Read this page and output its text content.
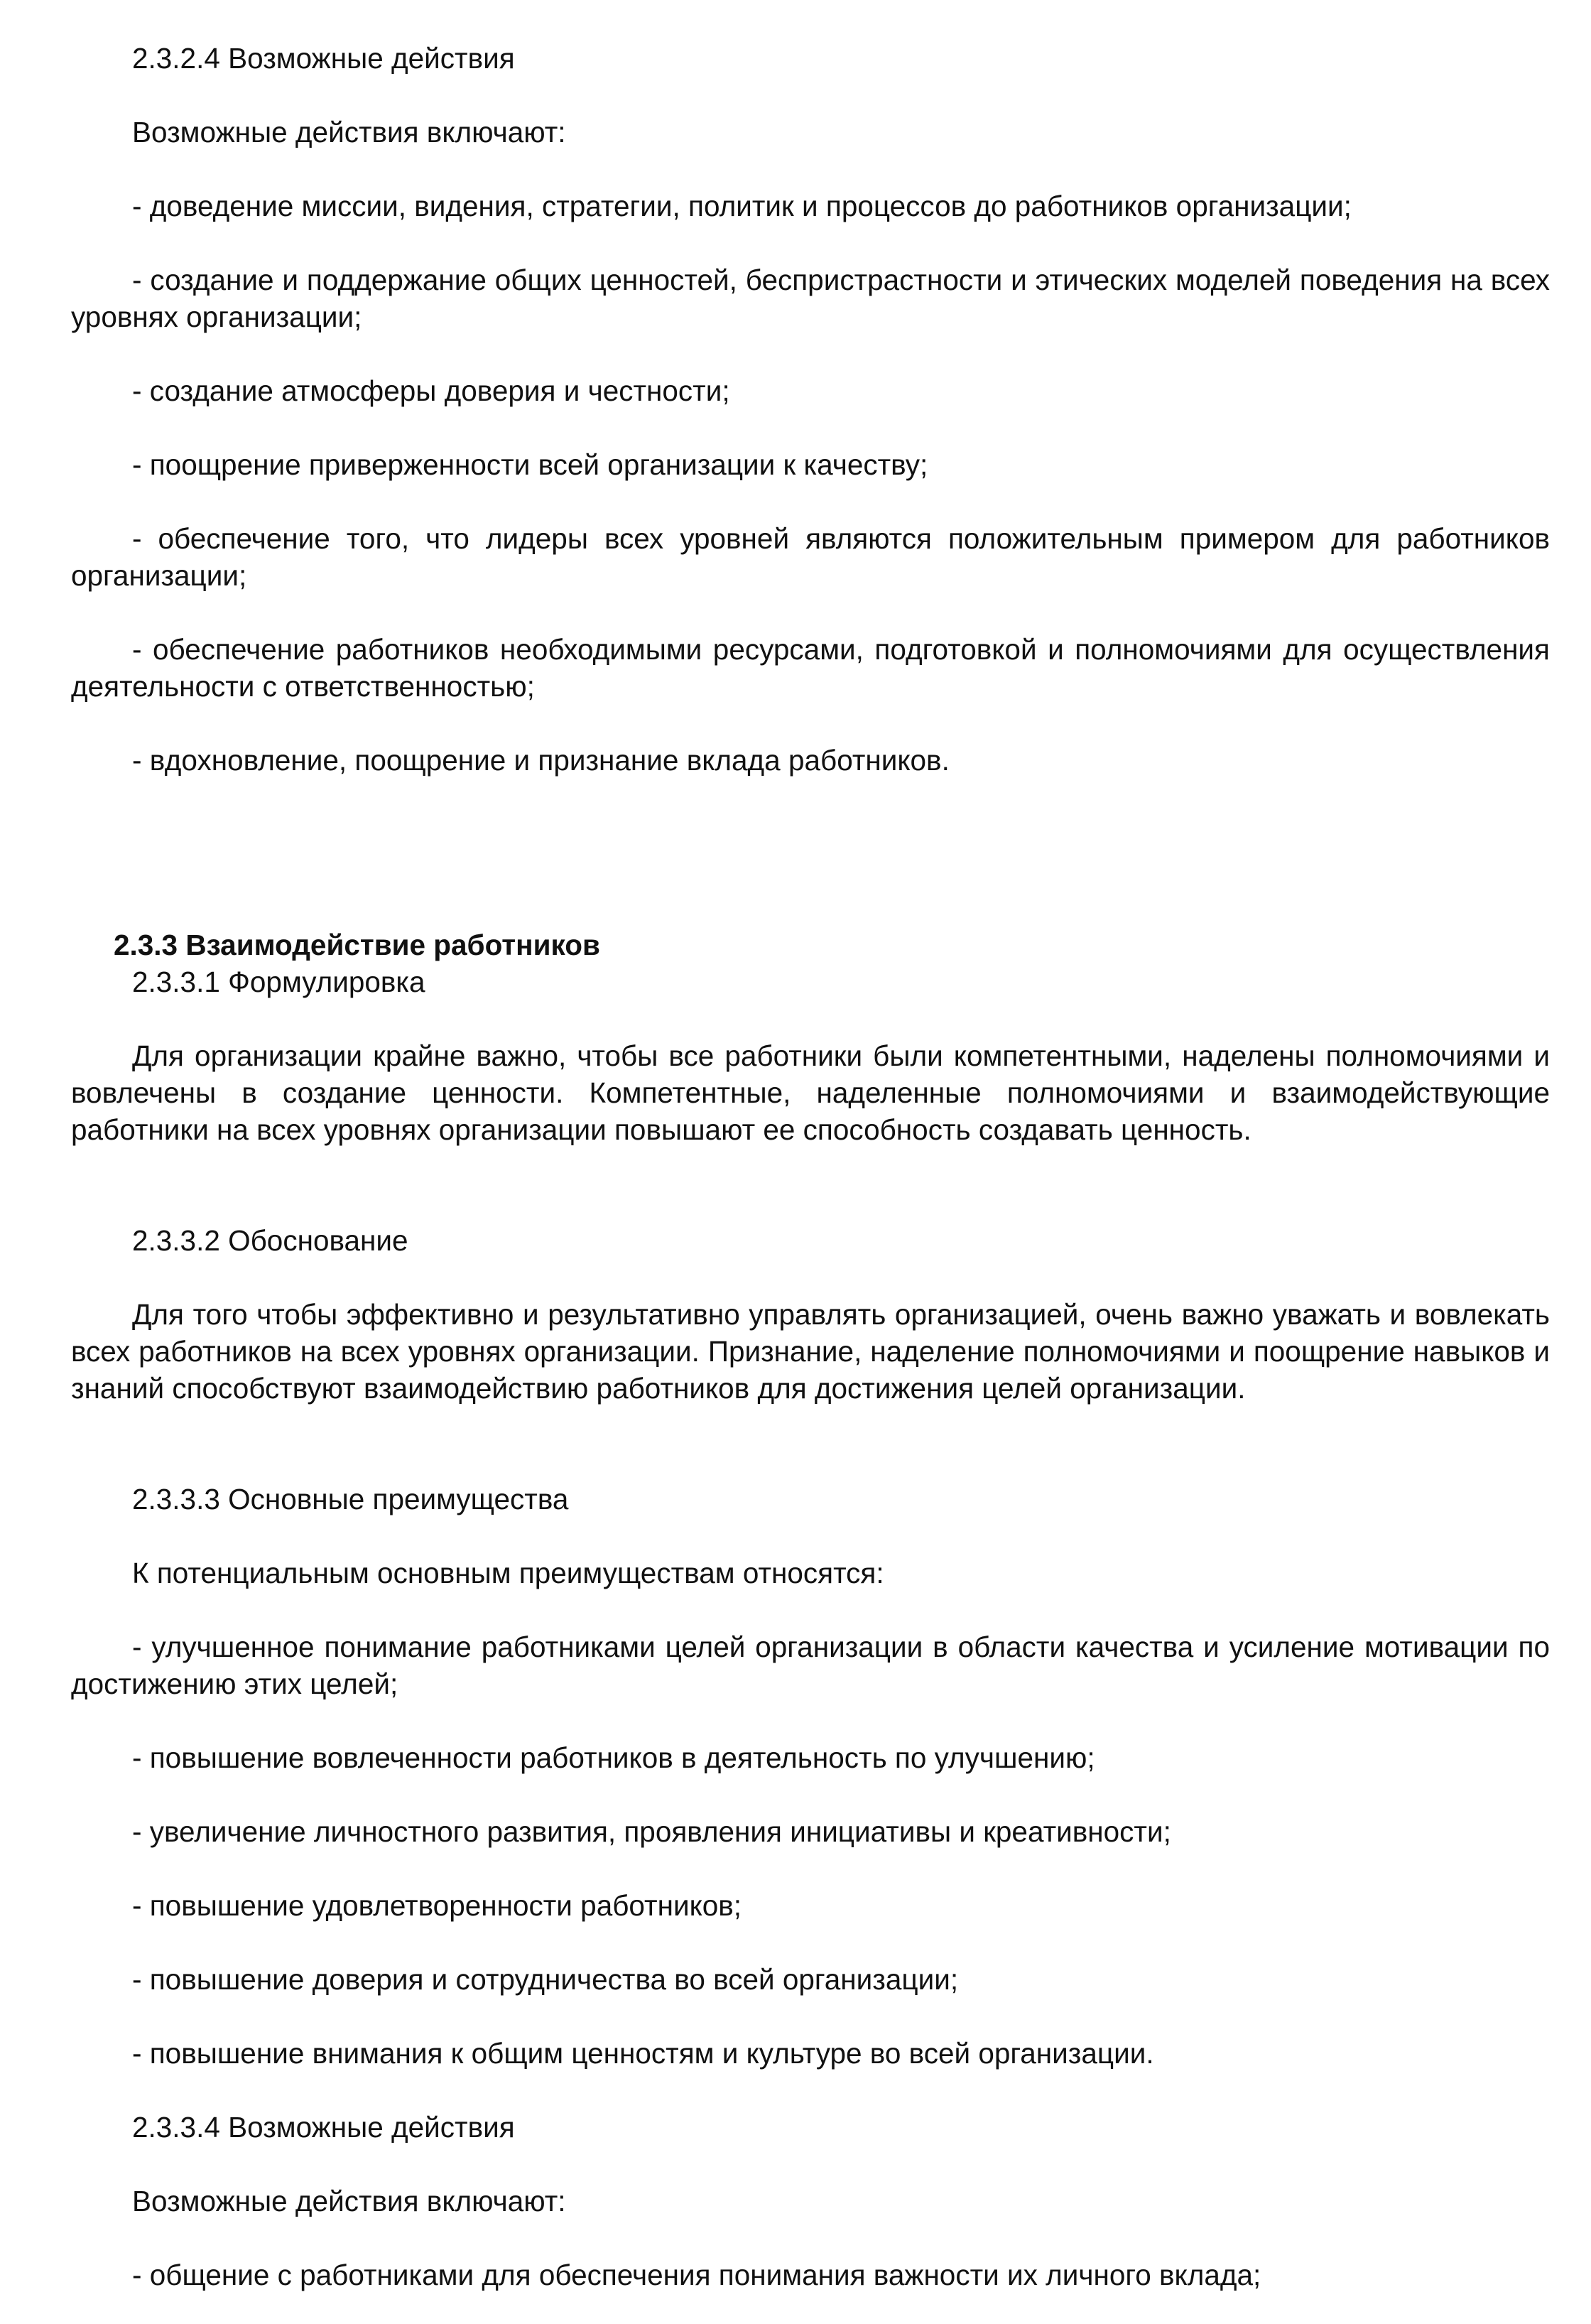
2.3.2.4 Возможные действия

Возможные действия включают:

- доведение миссии, видения, стратегии, политик и процессов до работников организации;

- создание и поддержание общих ценностей, беспристрастности и этических моделей поведения на всех уровнях организации;

- создание атмосферы доверия и честности;

- поощрение приверженности всей организации к качеству;

- обеспечение того, что лидеры всех уровней являются положительным примером для работников организации;

- обеспечение работников необходимыми ресурсами, подготовкой и полномочиями для осуществления деятельности с ответственностью;

- вдохновление, поощрение и признание вклада работников.

2.3.3 Взаимодействие работников

2.3.3.1 Формулировка

Для организации крайне важно, чтобы все работники были компетентными, наделены полномочиями и вовлечены в создание ценности. Компетентные, наделенные полномочиями и взаимодействующие работники на всех уровнях организации повышают ее способность создавать ценность.

2.3.3.2 Обоснование

Для того чтобы эффективно и результативно управлять организацией, очень важно уважать и вовлекать всех работников на всех уровнях организации. Признание, наделение полномочиями и поощрение навыков и знаний способствуют взаимодействию работников для достижения целей организации.

2.3.3.3 Основные преимущества

К потенциальным основным преимуществам относятся:

- улучшенное понимание работниками целей организации в области качества и усиление мотивации по достижению этих целей;

- повышение вовлеченности работников в деятельность по улучшению;

- увеличение личностного развития, проявления инициативы и креативности;

- повышение удовлетворенности работников;

- повышение доверия и сотрудничества во всей организации;

- повышение внимания к общим ценностям и культуре во всей организации.

2.3.3.4 Возможные действия

Возможные действия включают:

- общение с работниками для обеспечения понимания важности их личного вклада;
